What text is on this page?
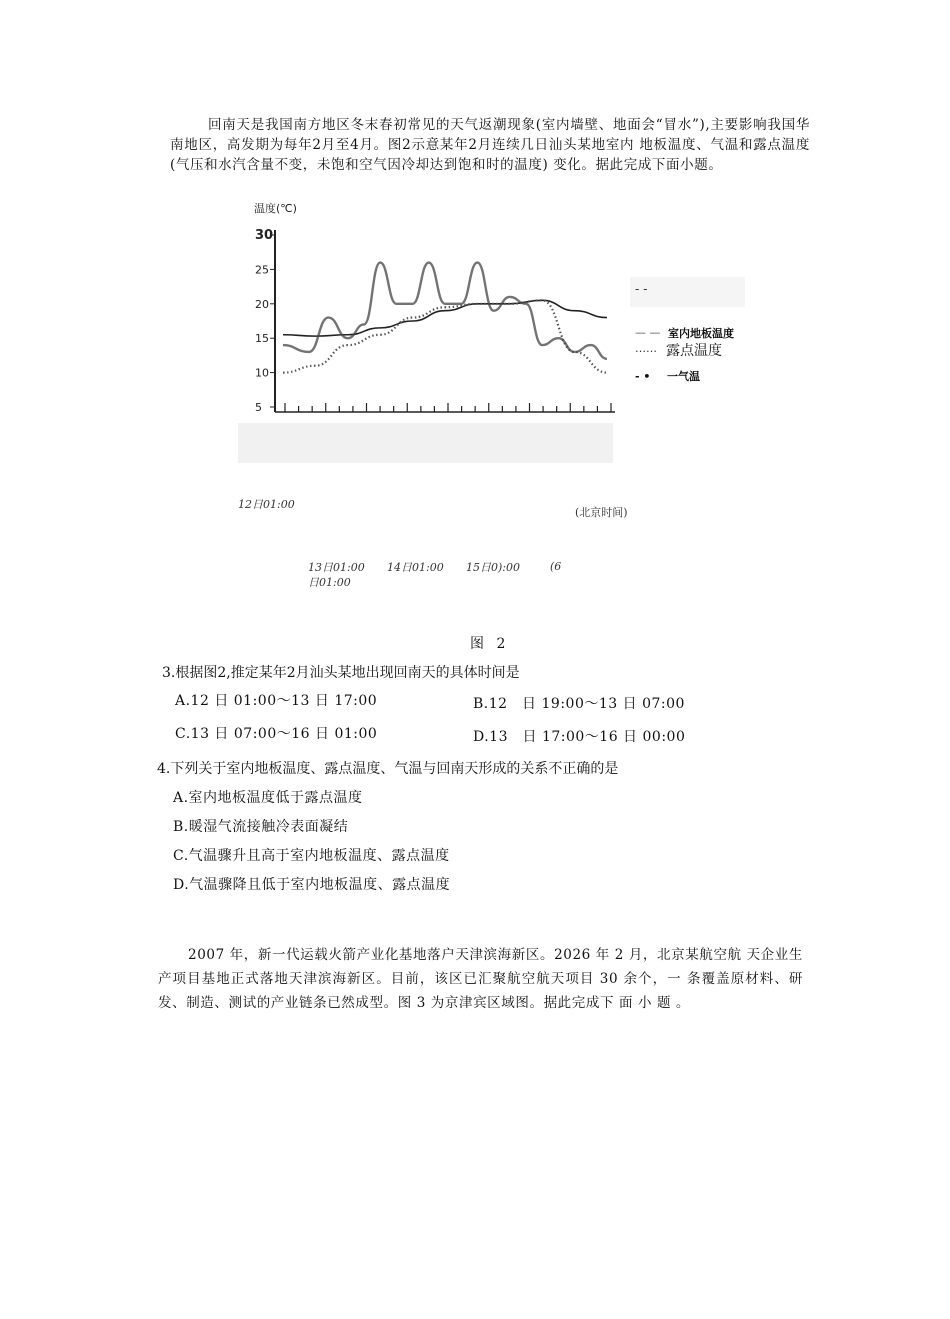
回南天是我国南方地区冬末春初常见的天气返潮现象(室内墙壁、地面会“冒水”),主要影响我国华南地区，高发期为每年2月至4月。图2示意某年2月连续几日汕头某地室内 地板温度、气温和露点温度(气压和水汽含量不变，未饱和空气因冷却达到饱和时的温度) 变化。据此完成下面小题。

温度(℃)
30
25
20
15
10
5
- -
— — 室内地板温度
…… 露点温度
- • 一气温
12日01:00
(北京时间)
13日01:00 14日01:00 15日0):00	(6日01:00
图 2
3.根据图2,推定某年2月汕头某地出现回南天的具体时间是
A.12 日 01:00～13 日 17:00	B.12　日 19:00～13 日 07:00
C.13 日 07:00～16 日 01:00	D.13　日 17:00～16 日 00:00
4.下列关于室内地板温度、露点温度、气温与回南天形成的关系不正确的是
A.室内地板温度低于露点温度
B.暖湿气流接触冷表面凝结
C.气温骤升且高于室内地板温度、露点温度
D.气温骤降且低于室内地板温度、露点温度

2007 年，新一代运载火箭产业化基地落户天津滨海新区。2026 年 2 月，北京某航空航 天企业生产项目基地正式落地天津滨海新区。目前，该区已汇聚航空航天项目 30 余个，一 条覆盖原材料、研发、制造、测试的产业链条已然成型。图 3 为京津宾区域图。据此完成下 面 小 题 。
